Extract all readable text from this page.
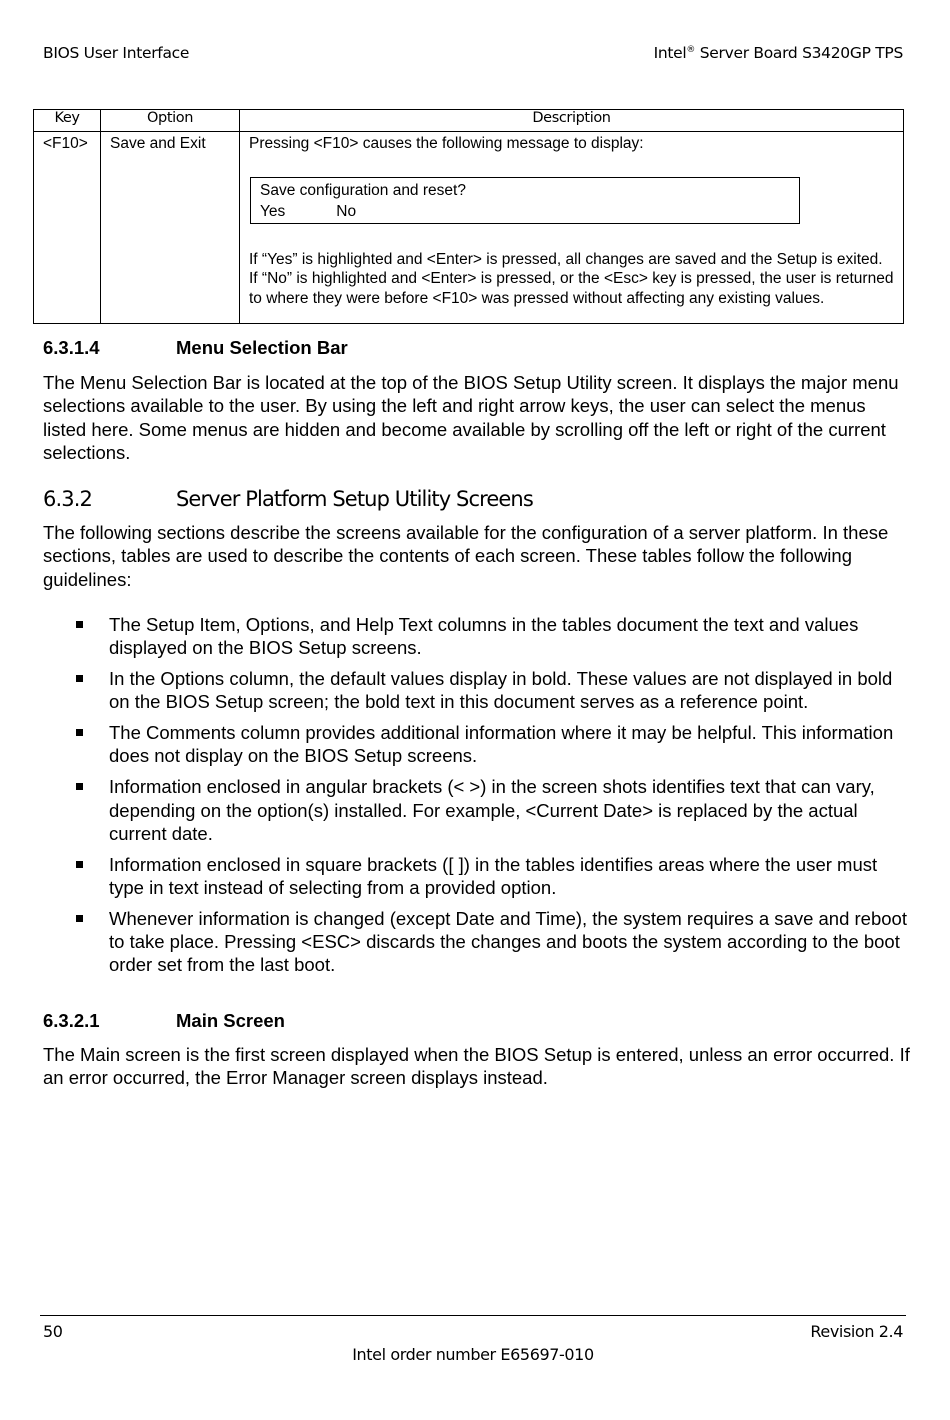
BIOS User Interface	Intel® Server Board S3420GP TPS
Key	Option	Description
<F10>	Save and Exit	Pressing <F10> causes the following message to display:
Save configuration and reset?
Yes No
If “Yes” is highlighted and <Enter> is pressed, all changes are saved and the Setup is exited. If “No” is highlighted and <Enter> is pressed, or the <Esc> key is pressed, the user is returned to where they were before <F10> was pressed without affecting any existing values.
6.3.1.4	Menu Selection Bar
The Menu Selection Bar is located at the top of the BIOS Setup Utility screen. It displays the major menu selections available to the user. By using the left and right arrow keys, the user can select the menus listed here. Some menus are hidden and become available by scrolling off the left or right of the current selections.
6.3.2	Server Platform Setup Utility Screens
The following sections describe the screens available for the configuration of a server platform. In these sections, tables are used to describe the contents of each screen. These tables follow the following guidelines:
The Setup Item, Options, and Help Text columns in the tables document the text and values displayed on the BIOS Setup screens.
In the Options column, the default values display in bold. These values are not displayed in bold on the BIOS Setup screen; the bold text in this document serves as a reference point.
The Comments column provides additional information where it may be helpful. This information does not display on the BIOS Setup screens.
Information enclosed in angular brackets (< >) in the screen shots identifies text that can vary, depending on the option(s) installed. For example, <Current Date> is replaced by the actual current date.
Information enclosed in square brackets ([ ]) in the tables identifies areas where the user must type in text instead of selecting from a provided option.
Whenever information is changed (except Date and Time), the system requires a save and reboot to take place. Pressing <ESC> discards the changes and boots the system according to the boot order set from the last boot.
6.3.2.1	Main Screen
The Main screen is the first screen displayed when the BIOS Setup is entered, unless an error occurred. If an error occurred, the Error Manager screen displays instead.
50	Revision 2.4
Intel order number E65697-010
